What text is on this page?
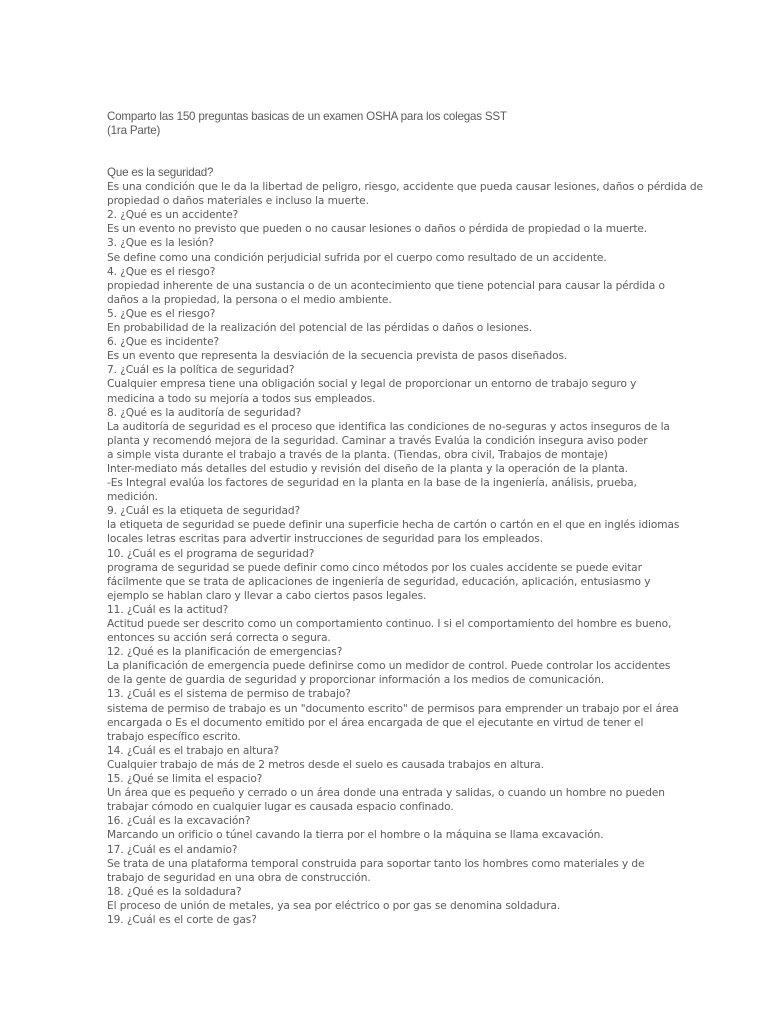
Comparto las 150 preguntas basicas de un examen OSHA para los colegas SST
(1ra Parte)
Que es la seguridad?
Es una condición que le da la libertad de peligro, riesgo, accidente que pueda causar lesiones, daños o pérdida de
propiedad o daños materiales e incluso la muerte.
2. ¿Qué es un accidente?
Es un evento no previsto que pueden o no causar lesiones o daños o pérdida de propiedad o la muerte.
3. ¿Que es la lesión?
Se define como una condición perjudicial sufrida por el cuerpo como resultado de un accidente.
4. ¿Que es el riesgo?
propiedad inherente de una sustancia o de un acontecimiento que tiene potencial para causar la pérdida o
daños a la propiedad, la persona o el medio ambiente.
5. ¿Que es el riesgo?
En probabilidad de la realización del potencial de las pérdidas o daños o lesiones.
6. ¿Que es incidente?
Es un evento que representa la desviación de la secuencia prevista de pasos diseñados.
7. ¿Cuál es la política de seguridad?
Cualquier empresa tiene una obligación social y legal de proporcionar un entorno de trabajo seguro y
medicina a todo su mejoría a todos sus empleados.
8. ¿Qué es la auditoría de seguridad?
La auditoría de seguridad es el proceso que identifica las condiciones de no-seguras y actos inseguros de la
planta y recomendó mejora de la seguridad. Caminar a través Evalúa la condición insegura aviso poder
a simple vista durante el trabajo a través de la planta. (Tiendas, obra civil, Trabajos de montaje)
Inter-mediato más detalles del estudio y revisión del diseño de la planta y la operación de la planta.
-Es Integral evalúa los factores de seguridad en la planta en la base de la ingeniería, análisis, prueba,
medición.
9. ¿Cuál es la etiqueta de seguridad?
la etiqueta de seguridad se puede definir una superficie hecha de cartón o cartón en el que en inglés idiomas
locales letras escritas para advertir instrucciones de seguridad para los empleados.
10. ¿Cuál es el programa de seguridad?
programa de seguridad se puede definir como cinco métodos por los cuales accidente se puede evitar
fácilmente que se trata de aplicaciones de ingeniería de seguridad, educación, aplicación, entusiasmo y
ejemplo se hablan claro y llevar a cabo ciertos pasos legales.
11. ¿Cuál es la actitud?
Actitud puede ser descrito como un comportamiento continuo. I si el comportamiento del hombre es bueno,
entonces su acción será correcta o segura.
12. ¿Qué es la planificación de emergencias?
La planificación de emergencia puede definirse como un medidor de control. Puede controlar los accidentes
de la gente de guardia de seguridad y proporcionar información a los medios de comunicación.
13. ¿Cuál es el sistema de permiso de trabajo?
sistema de permiso de trabajo es un "documento escrito" de permisos para emprender un trabajo por el área
encargada o Es el documento emitido por el área encargada de que el ejecutante en virtud de tener el
trabajo específico escrito.
14. ¿Cuál es el trabajo en altura?
Cualquier trabajo de más de 2 metros desde el suelo es causada trabajos en altura.
15. ¿Qué se limita el espacio?
Un área que es pequeño y cerrado o un área donde una entrada y salidas, o cuando un hombre no pueden
trabajar cómodo en cualquier lugar es causada espacio confinado.
16. ¿Cuál es la excavación?
Marcando un orificio o túnel cavando la tierra por el hombre o la máquina se llama excavación.
17. ¿Cuál es el andamio?
Se trata de una plataforma temporal construida para soportar tanto los hombres como materiales y de
trabajo de seguridad en una obra de construcción.
18. ¿Qué es la soldadura?
El proceso de unión de metales, ya sea por eléctrico o por gas se denomina soldadura.
19. ¿Cuál es el corte de gas?
